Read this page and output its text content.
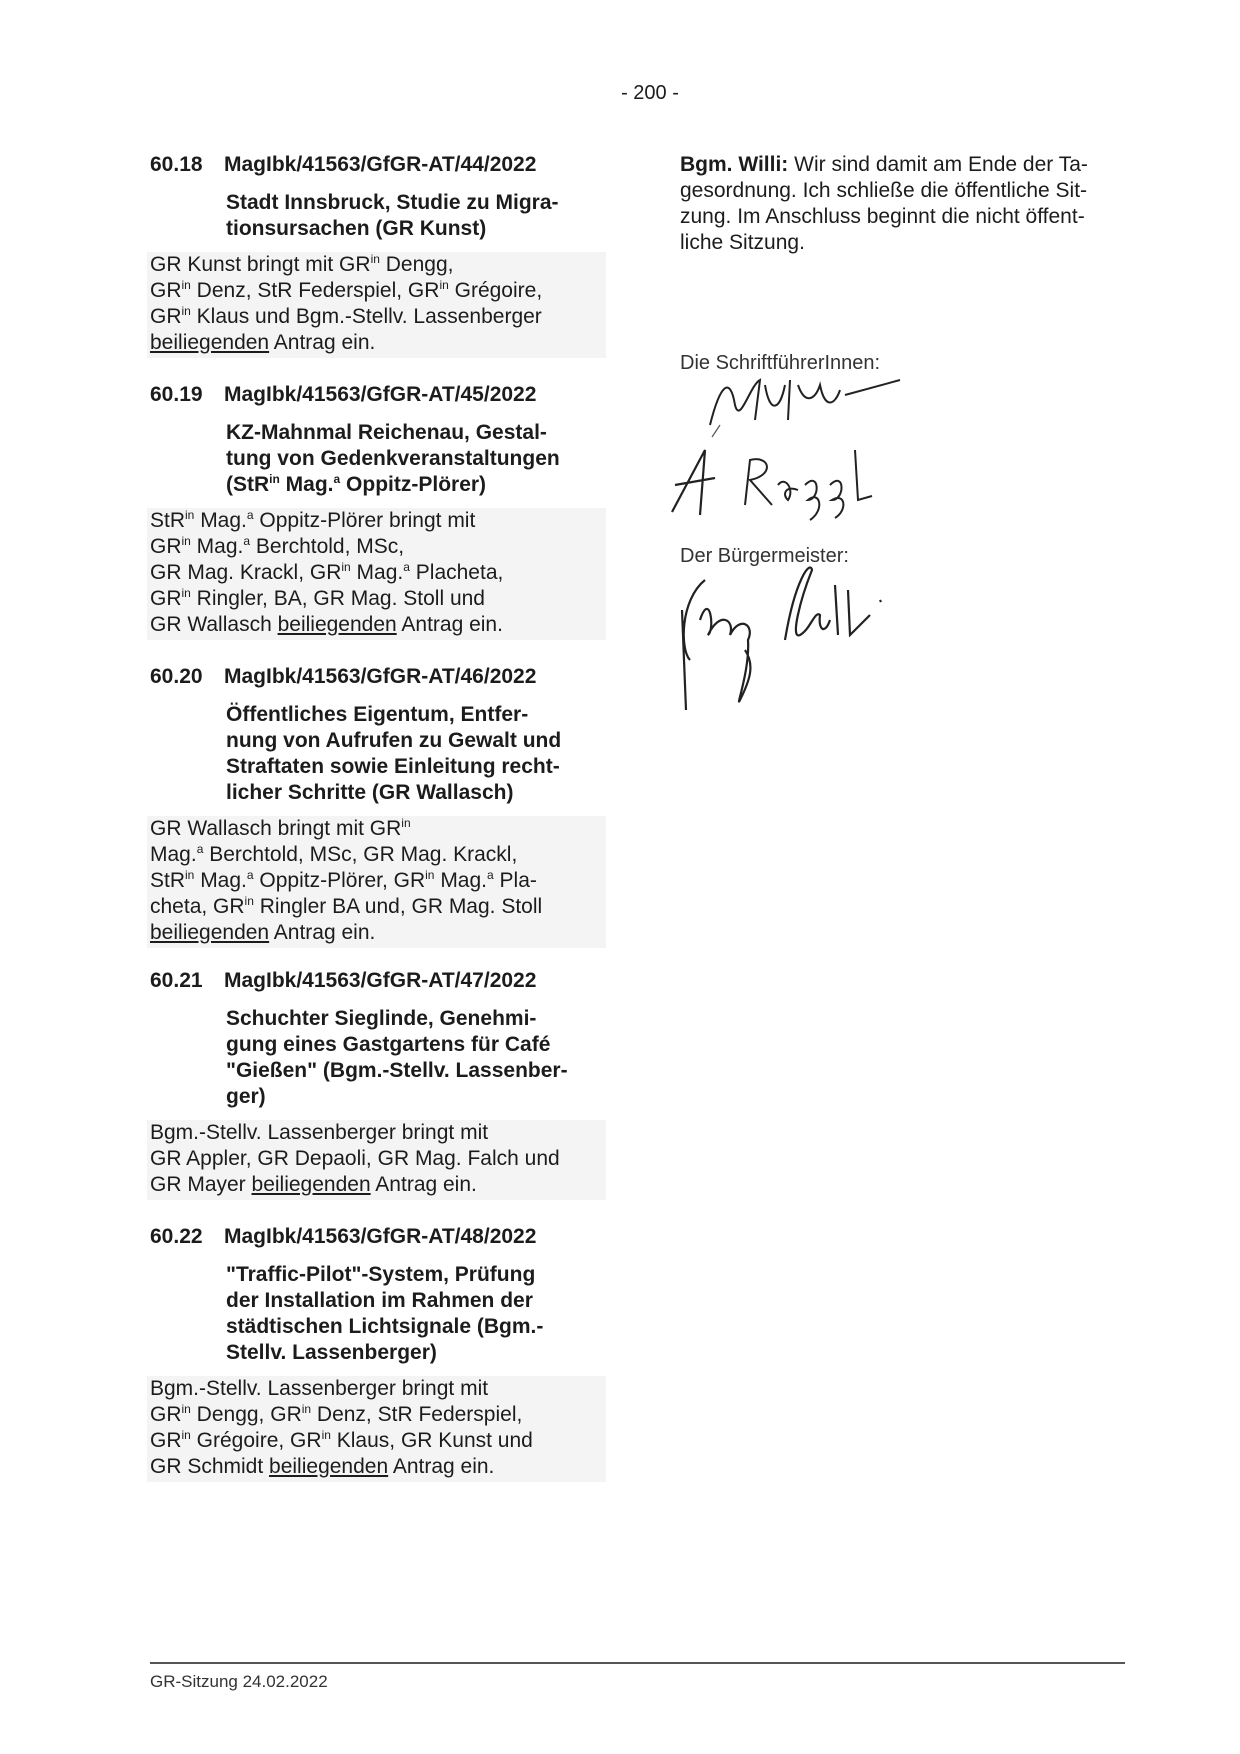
- 200 -
60.18 MagIbk/41563/GfGR-AT/44/2022
Stadt Innsbruck, Studie zu Migra-
tionsursachen (GR Kunst)
GR Kunst bringt mit $GR^{in}$ Dengg,
$GR^{in}$ Denz, StR Federspiel, $GR^{in}$ Grégoire,
$GR^{in}$ Klaus und Bgm.-Stellv. Lassenberger
beiliegenden Antrag ein.
60.19 MagIbk/41563/GfGR-AT/45/2022
KZ-Mahnmal Reichenau, Gestal-
tung von Gedenkveranstaltungen
(StR$^{in}$ Mag.$^a$ Oppitz-Plörer)
StR$^{in}$ Mag.$^a$ Oppitz-Plörer bringt mit
$GR^{in}$ Mag.$^a$ Berchtold, MSc,
GR Mag. Krackl, $GR^{in}$ Mag.$^a$ Placheta,
$GR^{in}$ Ringler, BA, GR Mag. Stoll und
GR Wallasch beiliegenden Antrag ein.
60.20 MagIbk/41563/GfGR-AT/46/2022
Öffentliches Eigentum, Entfer-
nung von Aufrufen zu Gewalt und
Straftaten sowie Einleitung recht-
licher Schritte (GR Wallasch)
GR Wallasch bringt mit $GR^{in}$
Mag.$^a$ Berchtold, MSc, GR Mag. Krackl,
StR$^{in}$ Mag.$^a$ Oppitz-Plörer, $GR^{in}$ Mag.$^a$ Pla-
cheta, $GR^{in}$ Ringler BA und, GR Mag. Stoll
beiliegenden Antrag ein.
60.21 MagIbk/41563/GfGR-AT/47/2022
Schuchter Sieglinde, Genehmi-
gung eines Gastgartens für Café
"Gießen" (Bgm.-Stellv. Lassenber-
ger)
Bgm.-Stellv. Lassenberger bringt mit
GR Appler, GR Depaoli, GR Mag. Falch und
GR Mayer beiliegenden Antrag ein.
60.22 MagIbk/41563/GfGR-AT/48/2022
"Traffic-Pilot"-System, Prüfung
der Installation im Rahmen der
städtischen Lichtsignale (Bgm.-
Stellv. Lassenberger)
Bgm.-Stellv. Lassenberger bringt mit
$GR^{in}$ Dengg, $GR^{in}$ Denz, StR Federspiel,
$GR^{in}$ Grégoire, $GR^{in}$ Klaus, GR Kunst und
GR Schmidt beiliegenden Antrag ein.
Bgm. Willi: Wir sind damit am Ende der Ta-
gesordnung. Ich schließe die öffentliche Sit-
zung. Im Anschluss beginnt die nicht öffent-
liche Sitzung.
Die SchriftführerInnen:
Der Bürgermeister:
GR-Sitzung 24.02.2022
